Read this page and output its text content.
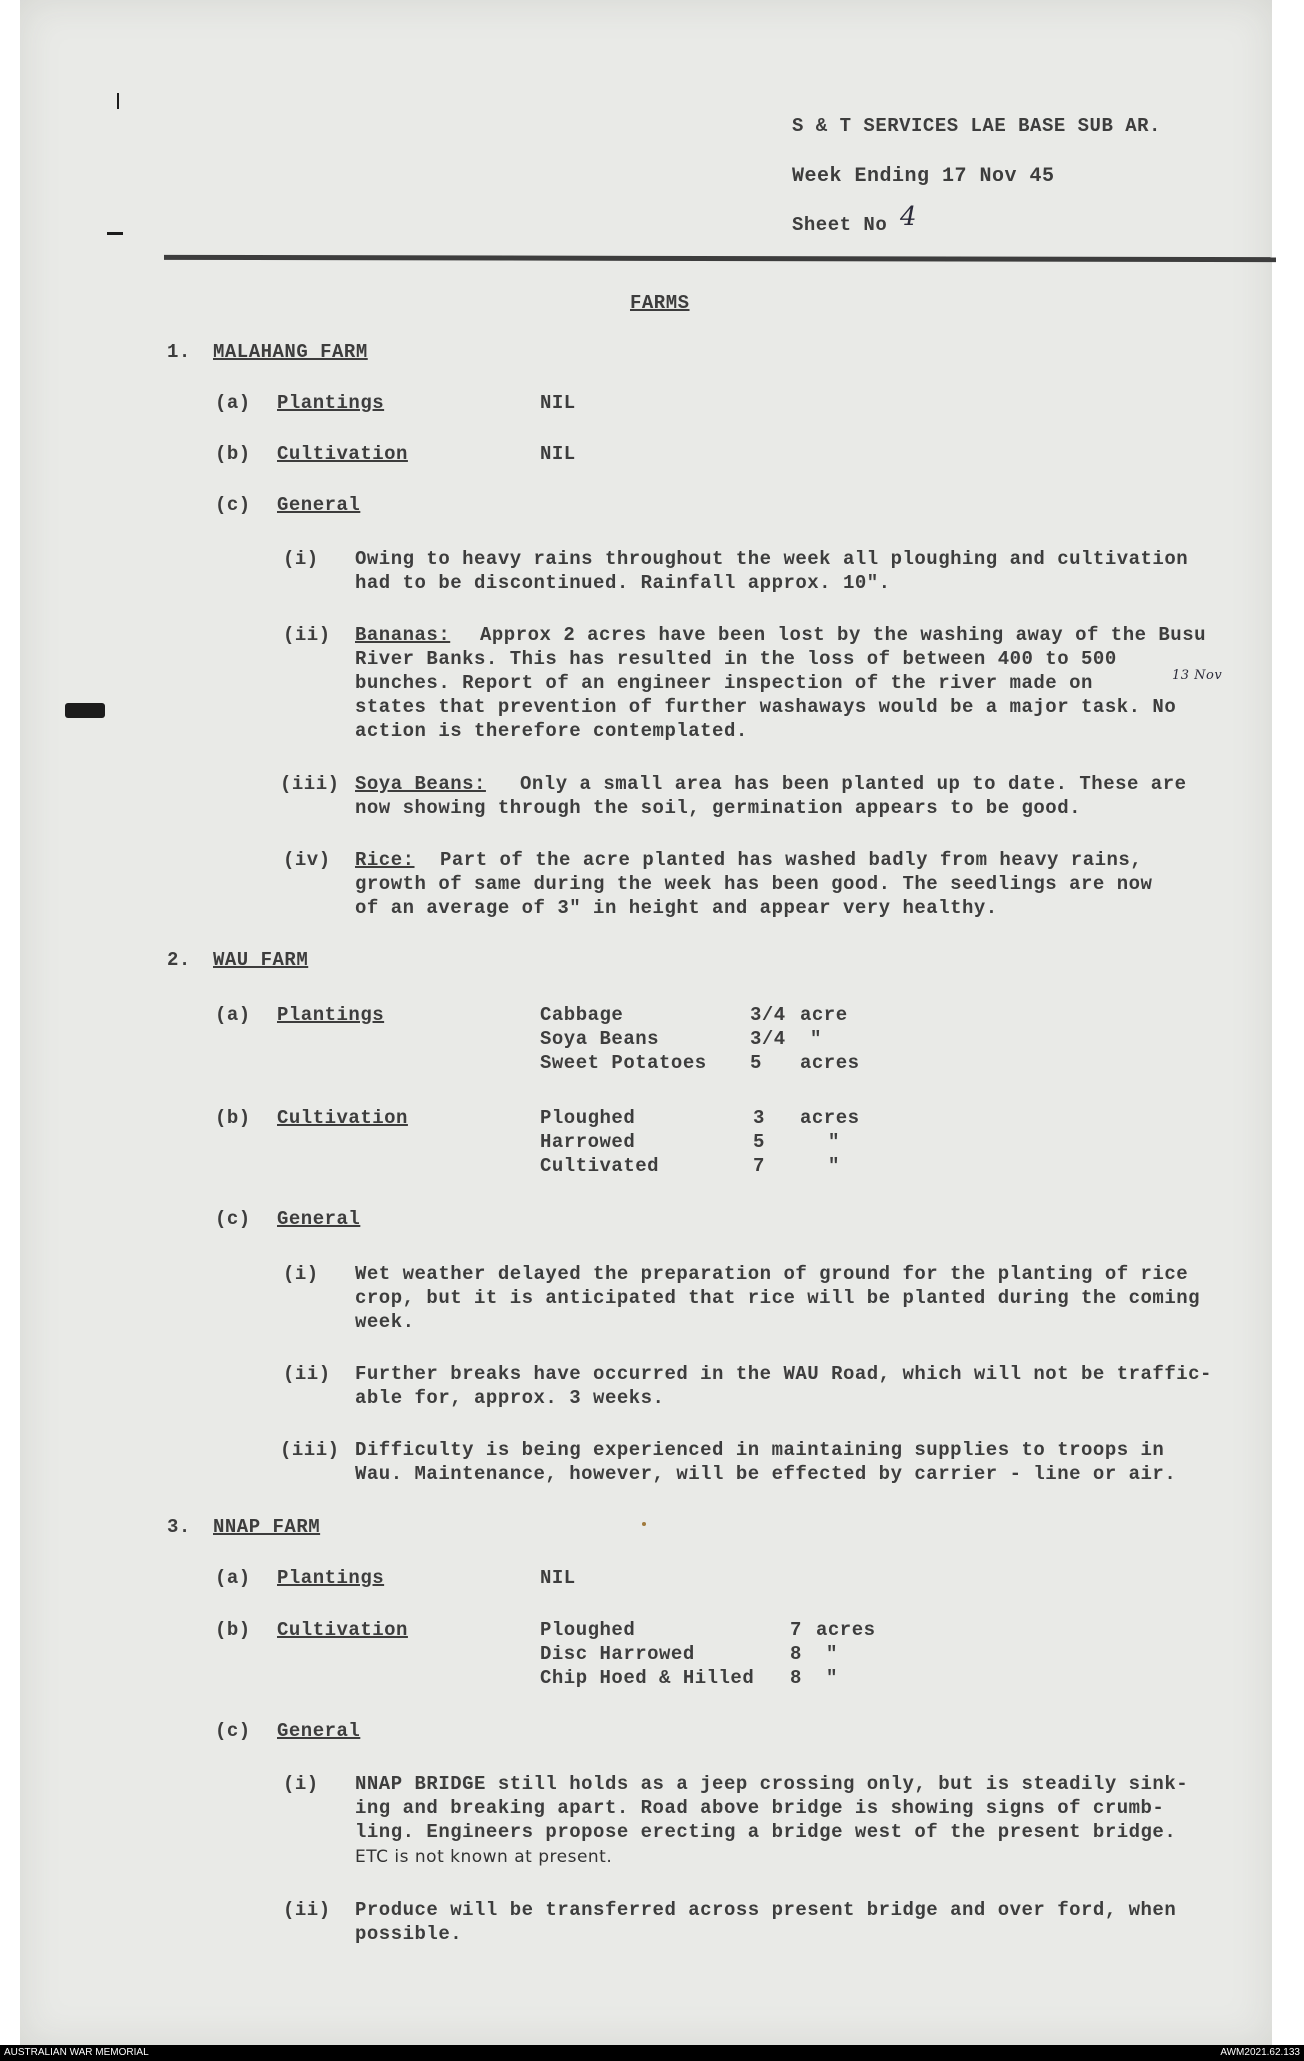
S & T SERVICES LAE BASE SUB AR.
Week Ending 17 Nov 45
Sheet No 4
FARMS
1. MALAHANG FARM
(a) Plantings	NIL
(b) Cultivation	NIL
(c) General
(i) Owing to heavy rains throughout the week all ploughing and cultivation
had to be discontinued. Rainfall approx. 10".
(ii) Bananas: Approx 2 acres have been lost by the washing away of the Busu
River Banks. This has resulted in the loss of between 400 to 500
bunches. Report of an engineer inspection of the river made on	13 Nov
states that prevention of further washaways would be a major task. No
action is therefore contemplated.
(iii) Soya Beans: Only a small area has been planted up to date. These are
now showing through the soil, germination appears to be good.
(iv) Rice: Part of the acre planted has washed badly from heavy rains,
growth of same during the week has been good. The seedlings are now
of an average of 3" in height and appear very healthy.
2. WAU FARM
(a) Plantings	Cabbage	3/4 acre
Soya Beans	3/4 "
Sweet Potatoes 5 acres
(b) Cultivation	Ploughed	3 acres
Harrowed	5	"
Cultivated	7	"
(c) General
(i) Wet weather delayed the preparation of ground for the planting of rice
crop, but it is anticipated that rice will be planted during the coming
week.
(ii) Further breaks have occurred in the WAU Road, which will not be traffic-
able for, approx. 3 weeks.
(iii) Difficulty is being experienced in maintaining supplies to troops in
Wau. Maintenance, however, will be effected by carrier - line or air.
3. NNAP FARM
(a) Plantings	NIL
(b) Cultivation	Ploughed	7 acres
Disc Harrowed	8 "
Chip Hoed & Hilled 8 "
(c) General
(i) NNAP BRIDGE still holds as a jeep crossing only, but is steadily sink-
ing and breaking apart. Road above bridge is showing signs of crumb-
ling. Engineers propose erecting a bridge west of the present bridge.
ETC is not known at present.
(ii) Produce will be transferred across present bridge and over ford, when
possible.
AUSTRALIAN WAR MEMORIAL	AWM2021.62.133
